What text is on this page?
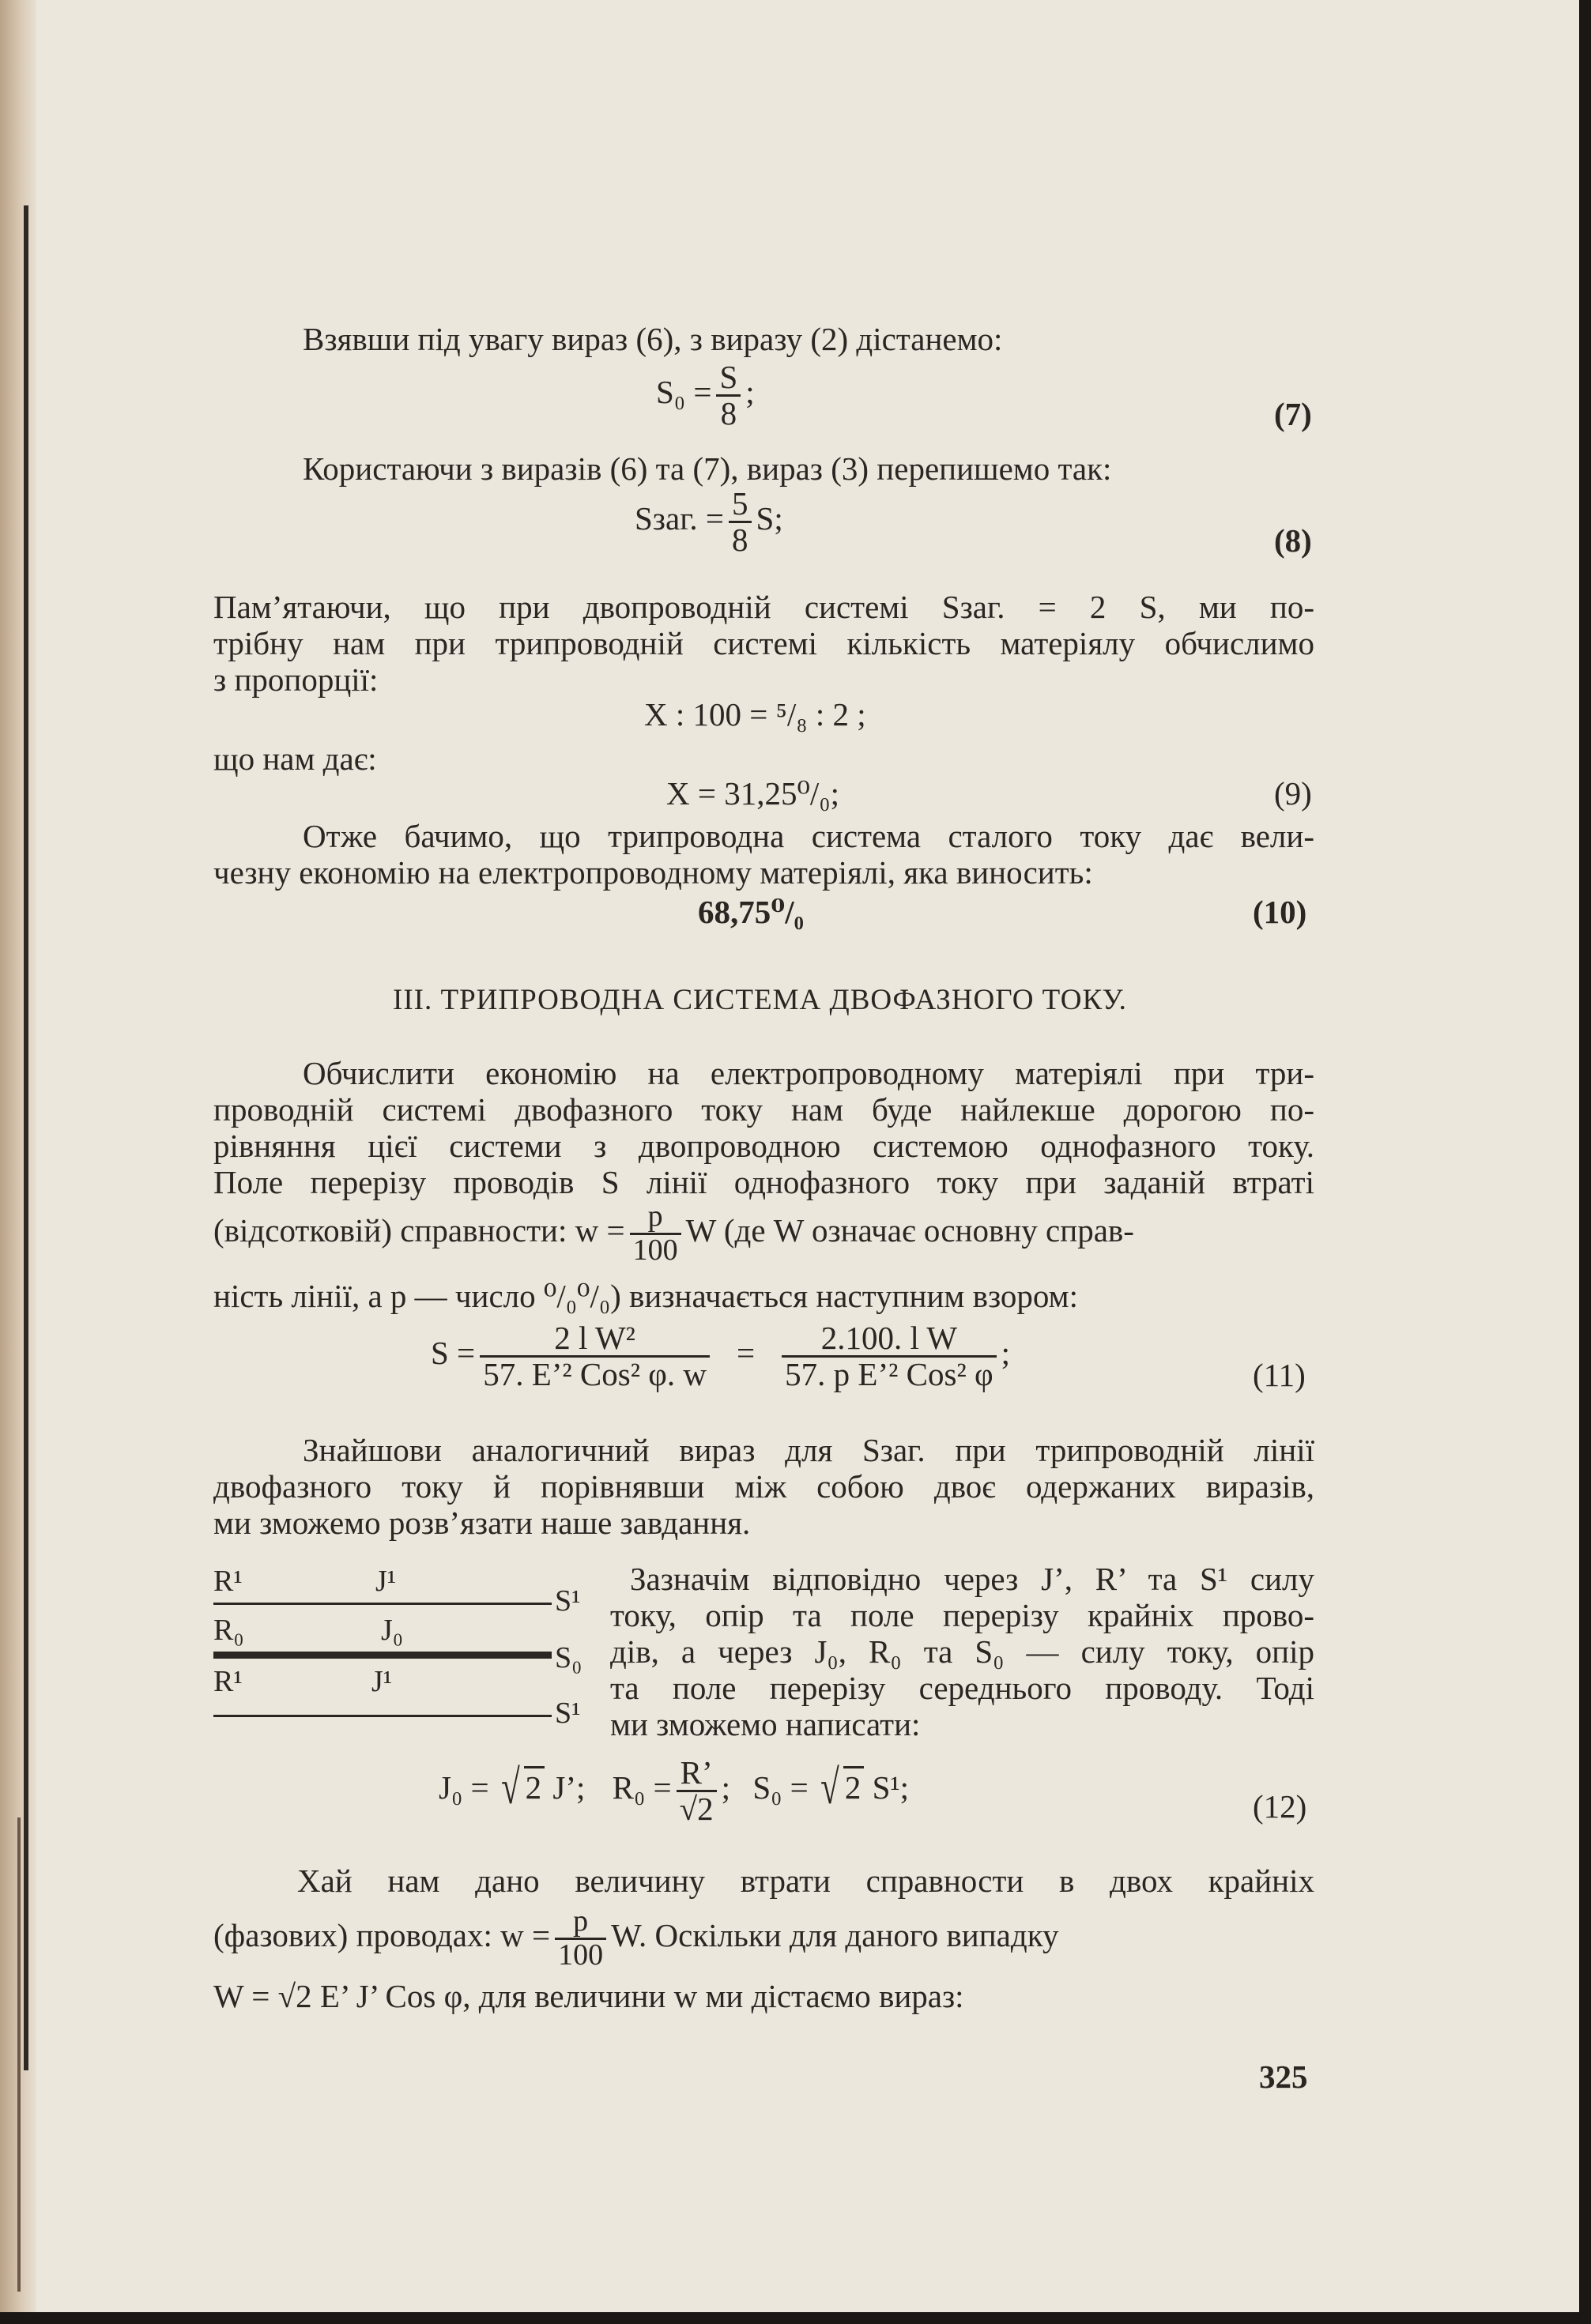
Взявши під увагу вираз (6), з виразу (2) дістанемо:
$S_0 = \frac{S}{8}$ ;
(7)
Користаючи з виразів (6) та (7), вираз (3) перепишемо так:
Sзаг. = $\frac{5}{8} S$;
(8)
Пам’ятаючи, що при двопроводній системі Sзаг. = 2 S, ми по-
трібну нам при трипроводній системі кількість матеріялу обчислимо
з пропорції:
X : 100 = ⁵/₈ : 2 ;
що нам дає:
X = 31,25⁰/₀;	(9)
Отже бачимо, що трипроводна система сталого току дає вели-
чезну економію на електропроводному матеріялі, яка виносить:
68,75⁰/₀	(10)
III. ТРИПРОВОДНА СИСТЕМА ДВОФАЗНОГО ТОКУ.
Обчислити економію на електропроводному матеріялі при три-
проводній системі двофазного току нам буде найлекше дорогою по-
рівняння цієї системи з двопроводною системою однофазного току.
Поле перерізу проводів S лінії однофазного току при заданій втраті
(відсотковій) справности: $w = \frac{p}{100}$ W (де W означає основну справ-
ність лінії, а p — число ⁰/₀⁰/₀) визначається наступним взором:
$S = \frac{\text{2 l W²}}{\text{57. E’² Cos² φ. w}} = \frac{\text{2.100. l W}}{\text{57. p E’² Cos² φ}}$ ;
(11)
Знайшови аналогичний вираз для Sзаг. при трипроводній лінії
двофазного току й порівнявши між собою двоє одержаних виразів,
ми зможемо розв’язати наше завдання.
R¹	J¹
S¹
R₀	J₀
S₀
R¹	J¹
S¹
Зазначім відповідно через J’, R’ та S¹ силу
току, опір та поле перерізу крайніх прово-
дів, а через J₀, R₀ та S₀ — силу току, опір
та поле перерізу середнього проводу. Тоді
ми зможемо написати:
J₀ = √ 2 J’; $R_0 = \frac{R’}{√2}$ ; S₀ = √ 2 S¹;
(12)
Хай нам дано величину втрати справности в двох крайніх
(фазових) проводах: $w = \frac{p}{100} W$. Оскільки для даного випадку
W = √2 E’ J’ Cos φ, для величини w ми дістаємо вираз:
325
